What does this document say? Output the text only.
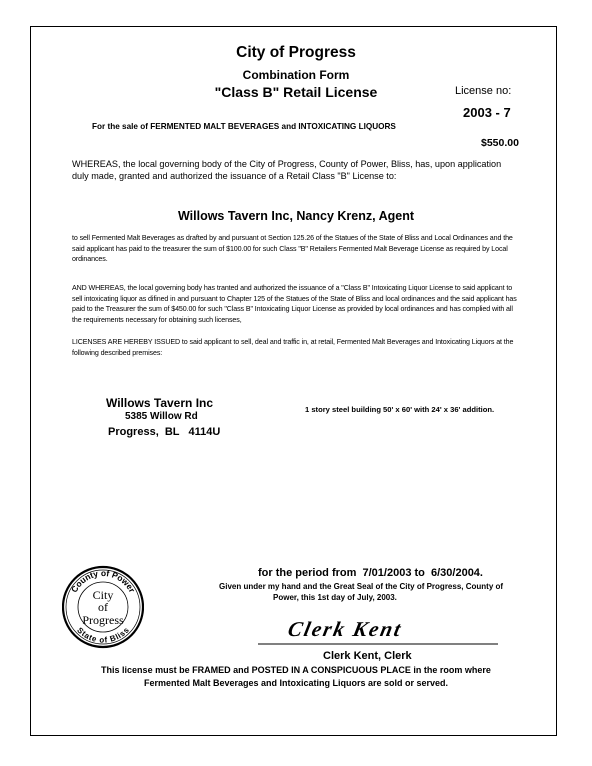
City of Progress
Combination Form
"Class B" Retail License	License no:
2003 - 7
For the sale of FERMENTED MALT BEVERAGES and INTOXICATING LIQUORS
$550.00
WHEREAS, the local governing body of the City of Progress, County of Power, Bliss, has, upon application duly made, granted and authorized the issuance of a Retail Class "B" License to:
Willows Tavern Inc, Nancy Krenz, Agent
to sell Fermented Malt Beverages as drafted by and pursuant ot Section 125.26 of the Statues of the State of Bliss and Local Ordinances and the said applicant has paid to the treasurer the sum of $100.00 for such Class "B" Retailers Fermented Malt Beverage License as required by Local ordinances.
AND WHEREAS, the local governing body has tranted and authorized the issuance of a "Class B" Intoxicating Liquor License to said applicant to sell intoxicating liquor as difined in and pursuant to Chapter 125 of the Statues of the State of Bliss and local ordinances and the said applicant has paid to the Treasurer the sum of $450.00 for such "Class B" Intoxicating Liquor License as provided by local ordinances and has complied with all the requirements necessary for obtaining such licenses,
LICENSES ARE HEREBY ISSUED to said applicant to sell, deal and traffic in, at retail, Fermented Malt Beverages and Intoxicating Liquors at the following described premises:
Willows Tavern Inc
5385 Willow Rd
Progress,  BL   4114U
1 story steel building 50' x 60' with 24' x 36' addition.
for the period from  7/01/2003 to  6/30/2004.
Given under my hand and the Great Seal of the City of Progress, County of
Power, this 1st day of July, 2003.
County of Power
State of Bliss
City
of
Progress	Clerk Kent
Clerk Kent, Clerk
This license must be FRAMED and POSTED IN A CONSPICUOUS PLACE in the room where
Fermented Malt Beverages and Intoxicating Liquors are sold or served.
